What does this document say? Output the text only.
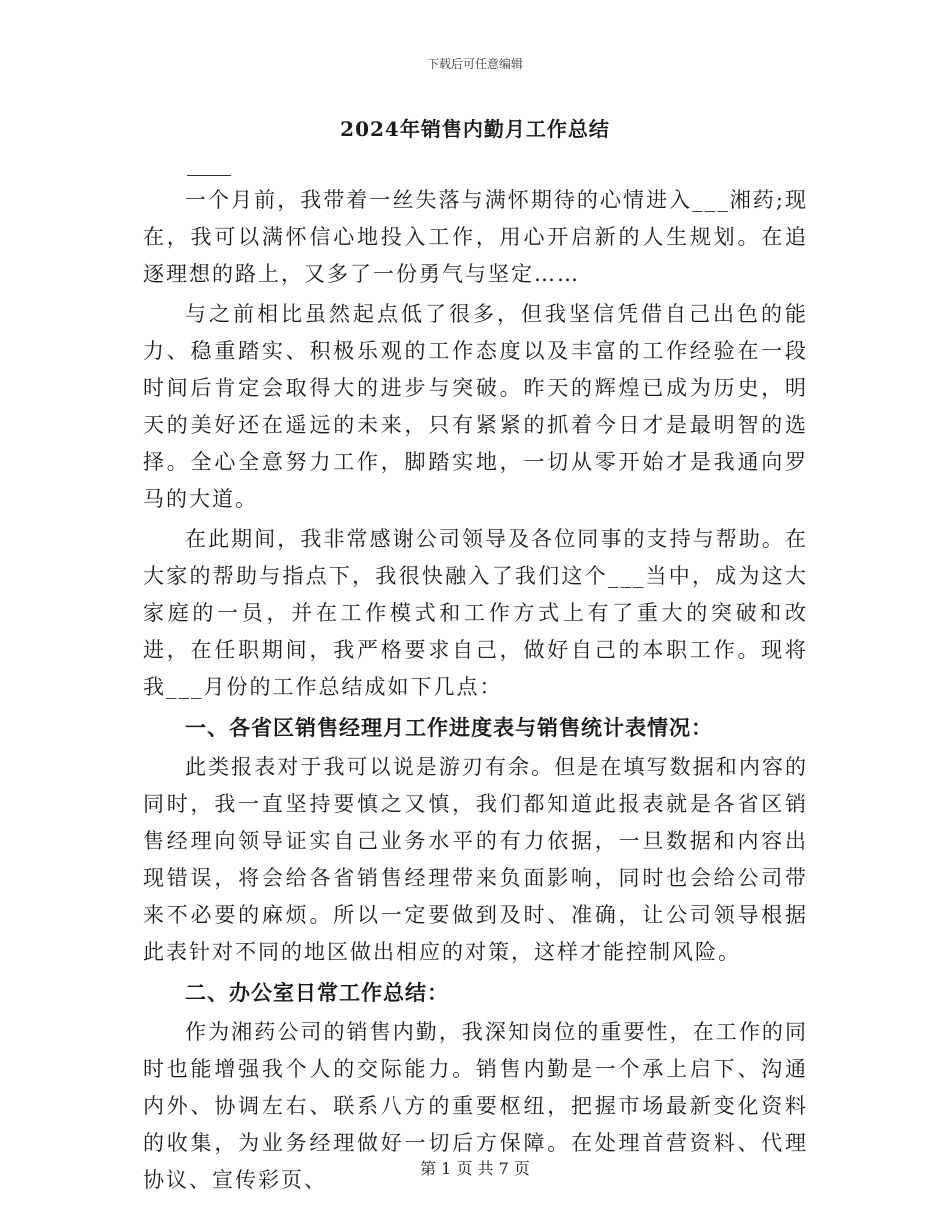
下载后可任意编辑
2024年销售内勤月工作总结

一个月前，我带着一丝失落与满怀期待的心情进入___湘药;现在，我可以满怀信心地投入工作，用心开启新的人生规划。在追逐理想的路上，又多了一份勇气与坚定……

与之前相比虽然起点低了很多，但我坚信凭借自己出色的能力、稳重踏实、积极乐观的工作态度以及丰富的工作经验在一段时间后肯定会取得大的进步与突破。昨天的辉煌已成为历史，明天的美好还在遥远的未来，只有紧紧的抓着今日才是最明智的选择。全心全意努力工作，脚踏实地，一切从零开始才是我通向罗马的大道。

在此期间，我非常感谢公司领导及各位同事的支持与帮助。在大家的帮助与指点下，我很快融入了我们这个___当中，成为这大家庭的一员，并在工作模式和工作方式上有了重大的突破和改进，在任职期间，我严格要求自己，做好自己的本职工作。现将我___月份的工作总结成如下几点：

一、各省区销售经理月工作进度表与销售统计表情况：

此类报表对于我可以说是游刃有余。但是在填写数据和内容的同时，我一直坚持要慎之又慎，我们都知道此报表就是各省区销售经理向领导证实自己业务水平的有力依据，一旦数据和内容出现错误，将会给各省销售经理带来负面影响，同时也会给公司带来不必要的麻烦。所以一定要做到及时、准确，让公司领导根据此表针对不同的地区做出相应的对策，这样才能控制风险。

二、办公室日常工作总结：

作为湘药公司的销售内勤，我深知岗位的重要性，在工作的同时也能增强我个人的交际能力。销售内勤是一个承上启下、沟通内外、协调左右、联系八方的重要枢纽，把握市场最新变化资料的收集，为业务经理做好一切后方保障。在处理首营资料、代理协议、宣传彩页、	第 1 页 共 7 页
